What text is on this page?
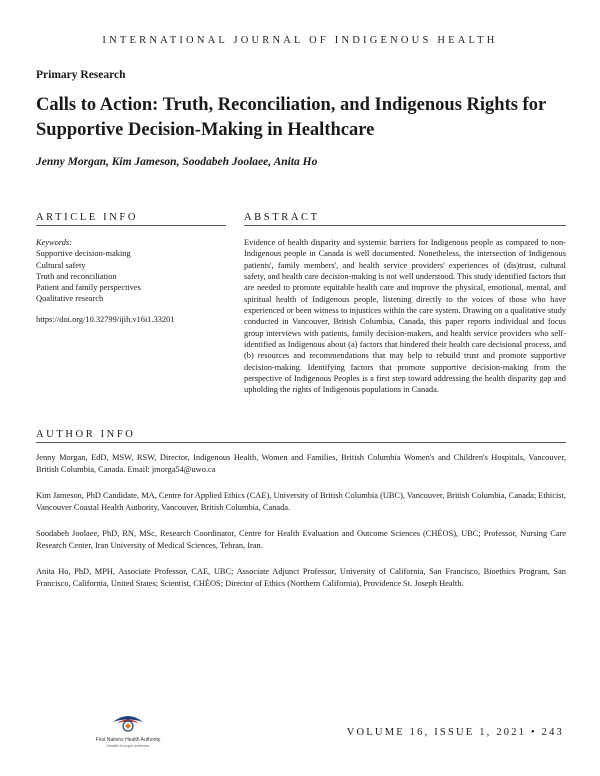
INTERNATIONAL JOURNAL OF INDIGENOUS HEALTH
Primary Research
Calls to Action: Truth, Reconciliation, and Indigenous Rights for Supportive Decision-Making in Healthcare
Jenny Morgan, Kim Jameson, Soodabeh Joolaee, Anita Ho
ARTICLE INFO	ABSTRACT
Keywords:
Supportive decision-making
Cultural safety
Truth and reconciliation
Patient and family perspectives
Qualitative research
https://doi.org/10.32799/ijih.v16i1.33201

Evidence of health disparity and systemic barriers for Indigenous people as compared to non-Indigenous people in Canada is well documented. Nonetheless, the intersection of Indigenous patients', family members', and health service providers' experiences of (dis)trust, cultural safety, and health care decision-making is not well understood. This study identified factors that are needed to promote equitable health care and improve the physical, emotional, mental, and spiritual health of Indigenous people, listening directly to the voices of those who have experienced or been witness to injustices within the care system. Drawing on a qualitative study conducted in Vancouver, British Columbia, Canada, this paper reports individual and focus group interviews with patients, family decision-makers, and health service providers who self-identified as Indigenous about (a) factors that hindered their health care decisional process, and (b) resources and recommendations that may help to rebuild trust and promote supportive decision-making. Identifying factors that promote supportive decision-making from the perspective of Indigenous Peoples is a first step toward addressing the health disparity gap and upholding the rights of Indigenous populations in Canada.

AUTHOR INFO

Jenny Morgan, EdD, MSW, RSW, Director, Indigenous Health, Women and Families, British Columbia Women's and Children's Hospitals, Vancouver, British Columbia, Canada. Email: jmorga54@uwo.ca

Kim Jameson, PhD Candidate, MA, Centre for Applied Ethics (CAE), University of British Columbia (UBC), Vancouver, British Columbia, Canada; Ethicist, Vancouver Coastal Health Authority, Vancouver, British Columbia, Canada.

Soodabeh Joolaee, PhD, RN, MSc, Research Coordinator, Centre for Health Evaluation and Outcome Sciences (CHÉOS), UBC; Professor, Nursing Care Research Center, Iran University of Medical Sciences, Tehran, Iran.

Anita Ho, PhD, MPH, Associate Professor, CAE, UBC; Associate Adjunct Professor, University of California, San Francisco, Bioethics Program, San Francisco, California, United States; Scientist, CHÉOS; Director of Ethics (Northern California), Providence St. Joseph Health.

First Nations Health Authority
Health through wellness
VOLUME 16, ISSUE 1, 2021 • 243
